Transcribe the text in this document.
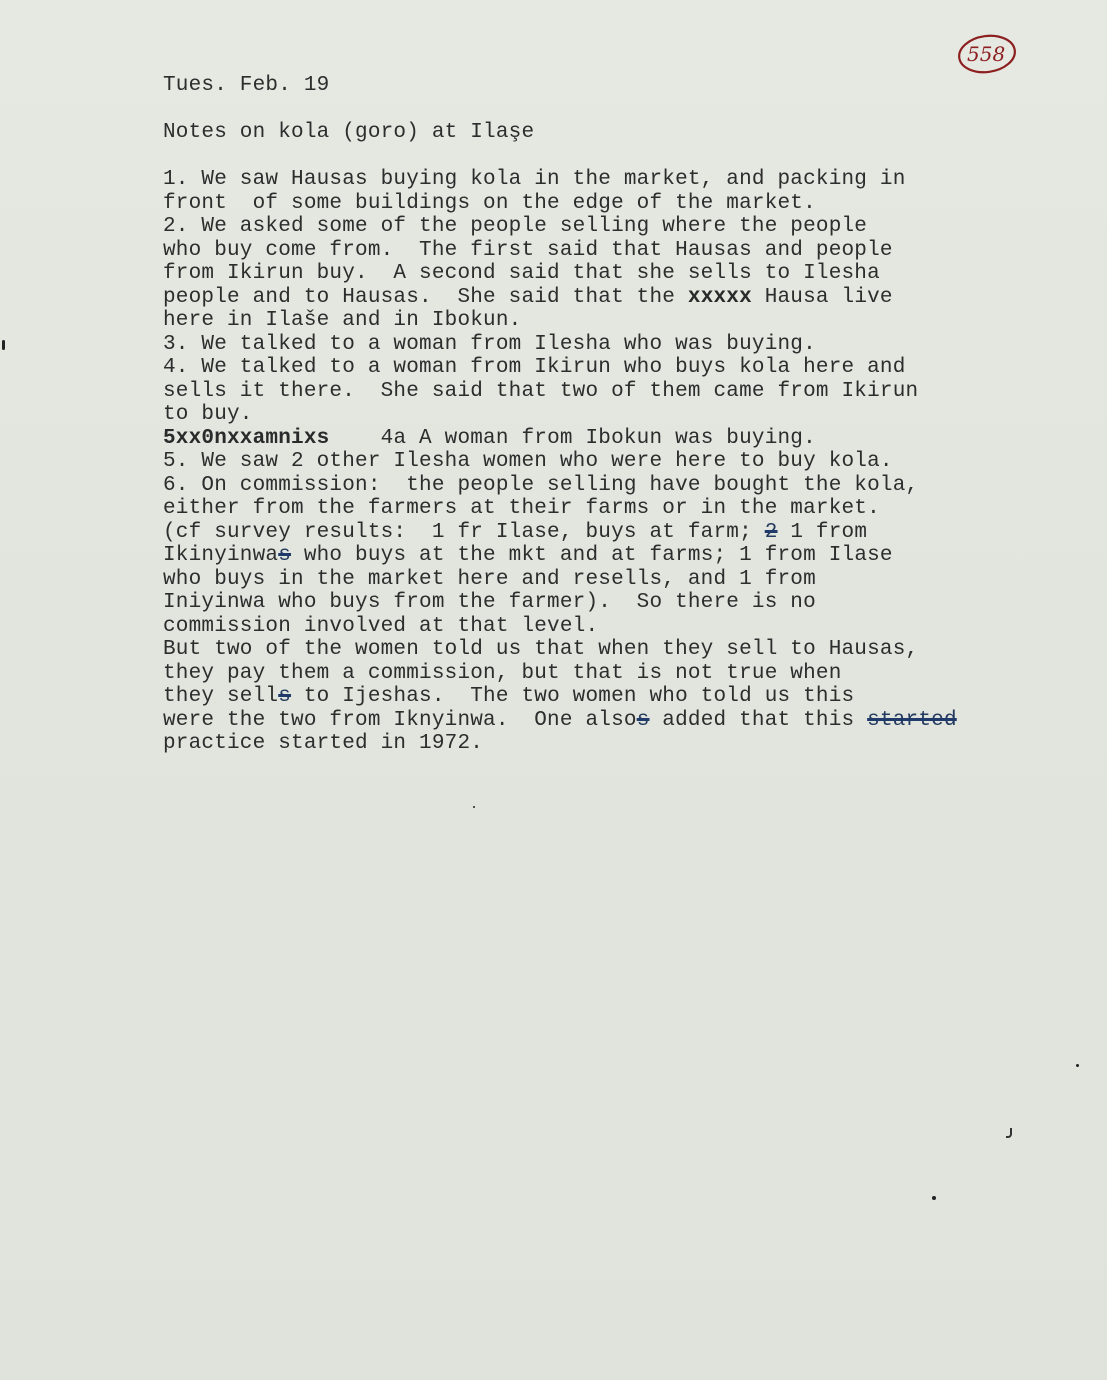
558
Tues. Feb. 19
Notes on kola (goro) at Ilaşe
1. We saw Hausas buying kola in the market, and packing in
front  of some buildings on the edge of the market.
2. We asked some of the people selling where the people
who buy come from.  The first said that Hausas and people
from Ikirun buy.  A second said that she sells to Ilesha
people and to Hausas.  She said that the xxxxx Hausa live
here in Ilaše and in Ibokun.
3. We talked to a woman from Ilesha who was buying.
4. We talked to a woman from Ikirun who buys kola here and
sells it there.  She said that two of them came from Ikirun
to buy.
5xx0nxxamnixs    4a A woman from Ibokun was buying.
5. We saw 2 other Ilesha women who were here to buy kola.
6. On commission:  the people selling have bought the kola,
either from the farmers at their farms or in the market.
(cf survey results:  1 fr Ilase, buys at farm; 2 1 from
Ikinyinwas who buys at the mkt and at farms; 1 from Ilase
who buys in the market here and resells, and 1 from
Iniyinwa who buys from the farmer).  So there is no
commission involved at that level.
But two of the women told us that when they sell to Hausas,
they pay them a commission, but that is not true when
they sells to Ijeshas.  The two women who told us this
were the two from Iknyinwa.  One alsos added that this started
practice started in 1972.
